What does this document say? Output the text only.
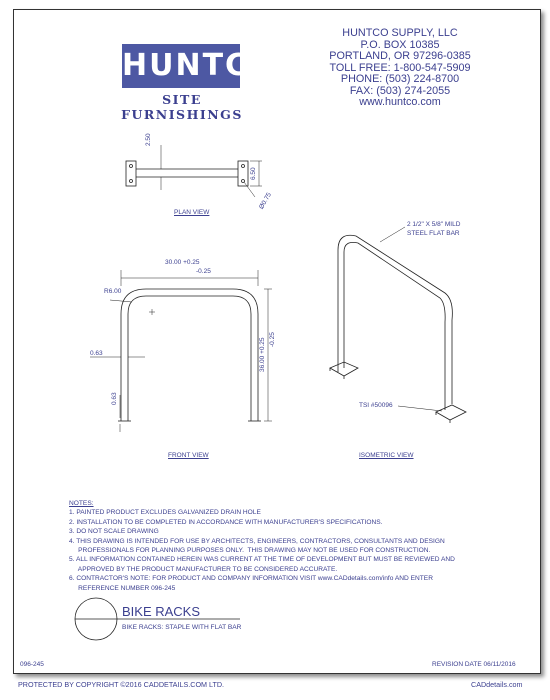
HUNTCO
SITE FURNISHINGS
HUNTCO SUPPLY, LLC
P.O. BOX 10385
PORTLAND, OR 97296-0385
TOLL FREE: 1-800-547-5909
PHONE: (503) 224-8700
FAX: (503) 274-2055
www.huntco.com
2.50
6.50
Ø0.75
PLAN VIEW
30.00 +0.25
-0.25
R6.00
36.00 +0.25 -0.25
0.63
0.63
FRONT VIEW
2 1/2" X 5/8" MILD
STEEL FLAT BAR
TSI #50096
ISOMETRIC VIEW
NOTES:
1. PAINTED PRODUCT EXCLUDES GALVANIZED DRAIN HOLE
2. INSTALLATION TO BE COMPLETED IN ACCORDANCE WITH MANUFACTURER'S SPECIFICATIONS.
3. DO NOT SCALE DRAWING
4. THIS DRAWING IS INTENDED FOR USE BY ARCHITECTS, ENGINEERS, CONTRACTORS, CONSULTANTS AND DESIGN
PROFESSIONALS FOR PLANNING PURPOSES ONLY.  THIS DRAWING MAY NOT BE USED FOR CONSTRUCTION.
5. ALL INFORMATION CONTAINED HEREIN WAS CURRENT AT THE TIME OF DEVELOPMENT BUT MUST BE REVIEWED AND
APPROVED BY THE PRODUCT MANUFACTURER TO BE CONSIDERED ACCURATE.
6. CONTRACTOR'S NOTE: FOR PRODUCT AND COMPANY INFORMATION VISIT www.CADdetails.com/info AND ENTER
REFERENCE NUMBER 096-245
BIKE RACKS
BIKE RACKS: STAPLE WITH FLAT BAR
096-245	REVISION DATE 06/11/2016
PROTECTED BY COPYRIGHT ©2016 CADDETAILS.COM LTD.	CADdetails.com
